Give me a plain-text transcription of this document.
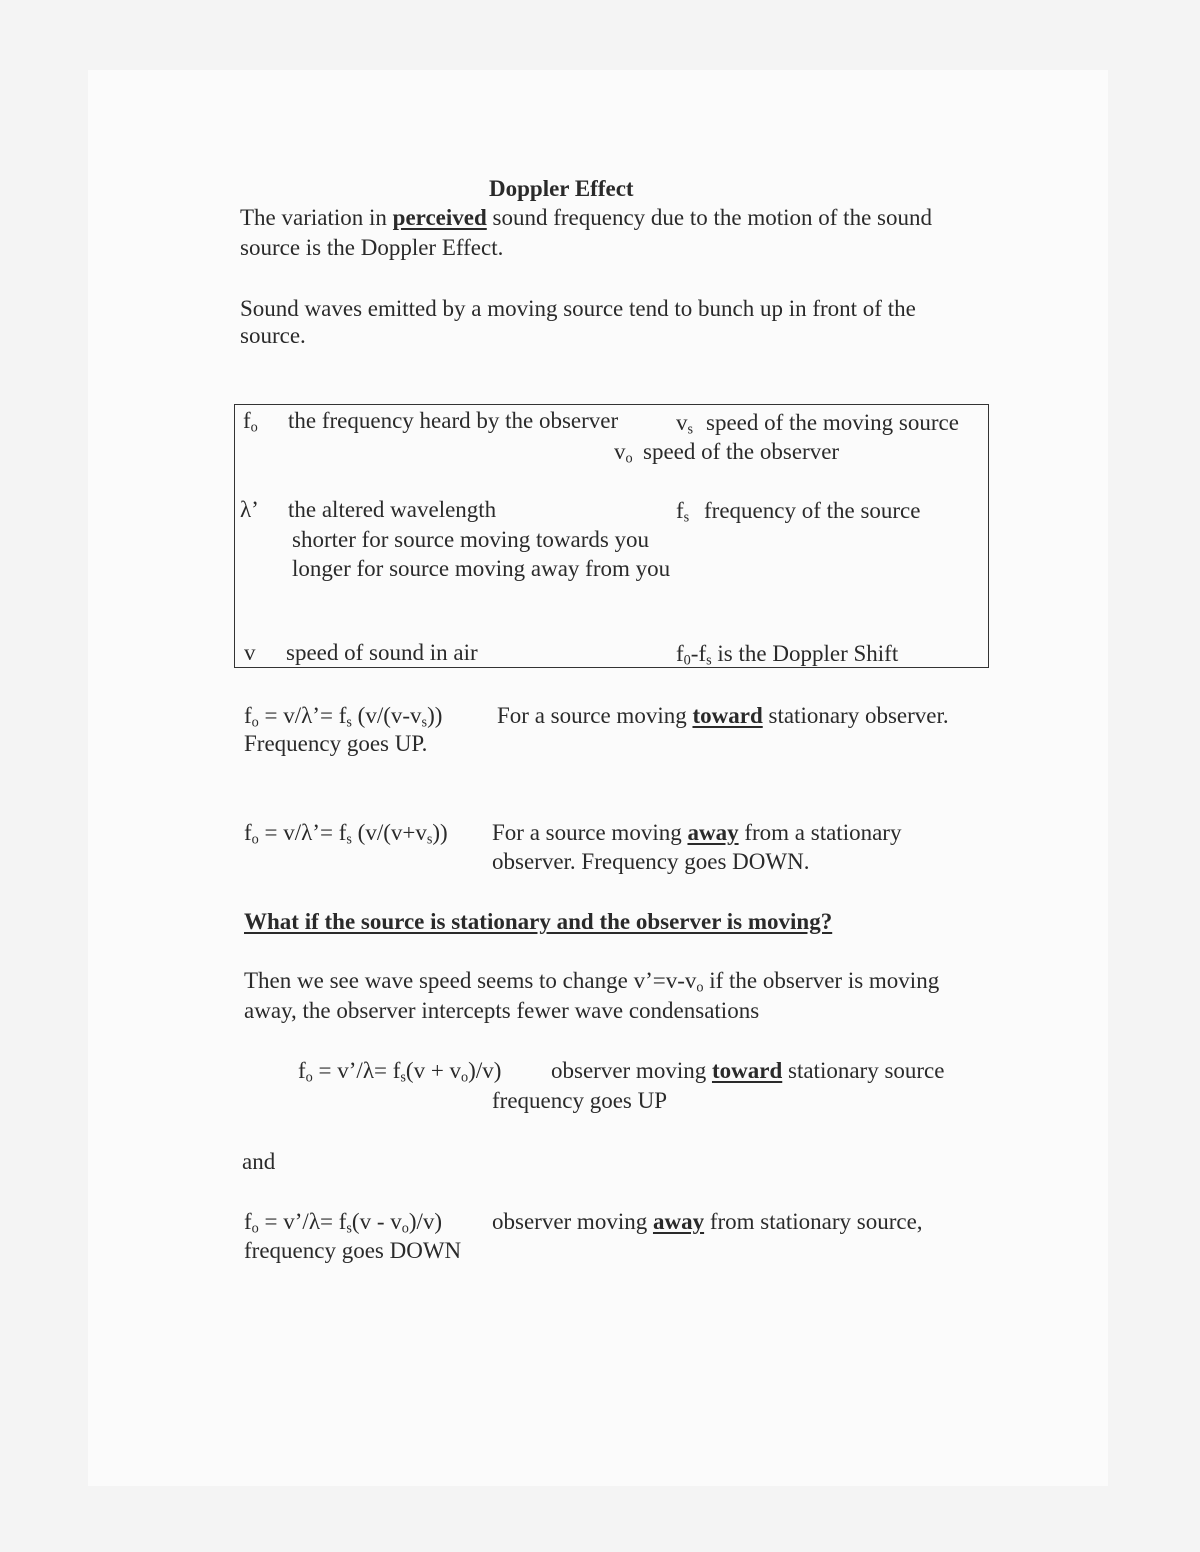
Doppler Effect
The variation in perceived sound frequency due to the motion of the sound
source is the Doppler Effect.
Sound waves emitted by a moving source tend to bunch up in front of the
source.
$f_o$ the frequency heard by the observer	$v_s$ speed of the moving source
$v_o$ speed of the observer
λ’ the altered wavelength
shorter for source moving towards you
longer for source moving away from you
$f_s$ frequency of the source
v speed of sound in air	$f_0-f_s$ is the Doppler Shift
$f_o$ = v/λ’= $f_s$ $(v/(v-v_s))$ For a source moving toward stationary observer.
Frequency goes UP.
$f_o$ = v/λ’= $f_s$ $(v/(v+v_s))$ For a source moving away from a stationary
observer. Frequency goes DOWN.
What if the source is stationary and the observer is moving?
Then we see wave speed seems to change $v’=v-v_o$ if the observer is moving
away, the observer intercepts fewer wave condensations
$f_o$ = v’/λ= $f_s(v + v_o)/v$) observer moving toward stationary source
frequency goes UP
and
$f_o$ = v’/λ= $f_s(v - v_o)/v$) observer moving away from stationary source,
frequency goes DOWN
